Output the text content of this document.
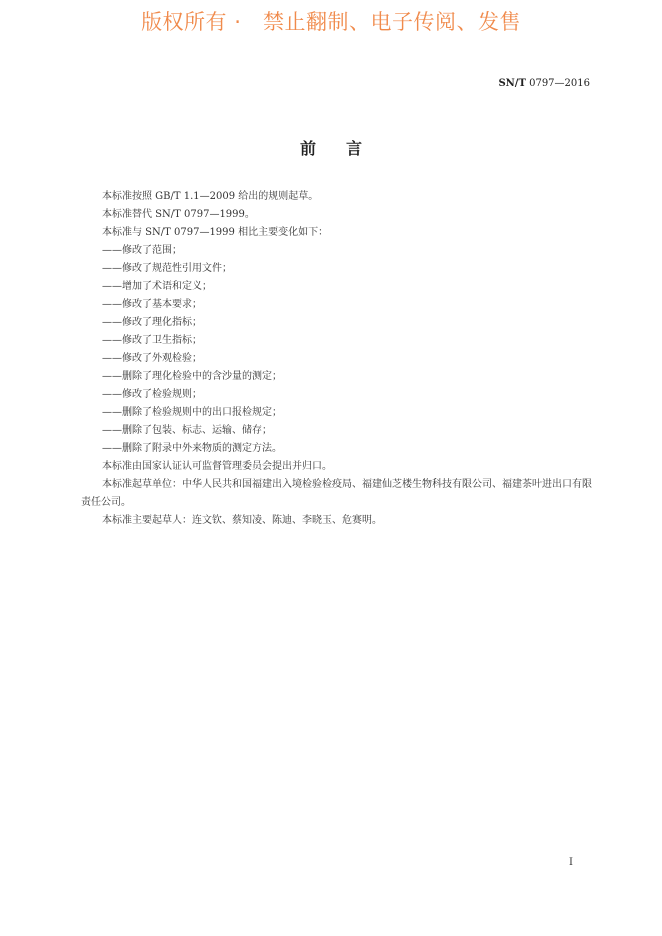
版权所有 ·   禁止翻制、电子传阅、发售
SN/T 0797—2016
前言

本标准按照 GB/T 1.1—2009 给出的规则起草。

本标准替代 SN/T 0797—1999。

本标准与 SN/T 0797—1999 相比主要变化如下：

——修改了范围；

——修改了规范性引用文件；

——增加了术语和定义；

——修改了基本要求；

——修改了理化指标；

——修改了卫生指标；

——修改了外观检验；

——删除了理化检验中的含沙量的测定；

——修改了检验规则；

——删除了检验规则中的出口报检规定；

——删除了包装、标志、运输、储存；

——删除了附录中外来物质的测定方法。

本标准由国家认证认可监督管理委员会提出并归口。

本标准起草单位：中华人民共和国福建出入境检验检疫局、福建仙芝楼生物科技有限公司、福建茶叶进出口有限责任公司。

本标准主要起草人：连文钦、蔡知凌、陈迪、李晓玉、危赛明。

I
